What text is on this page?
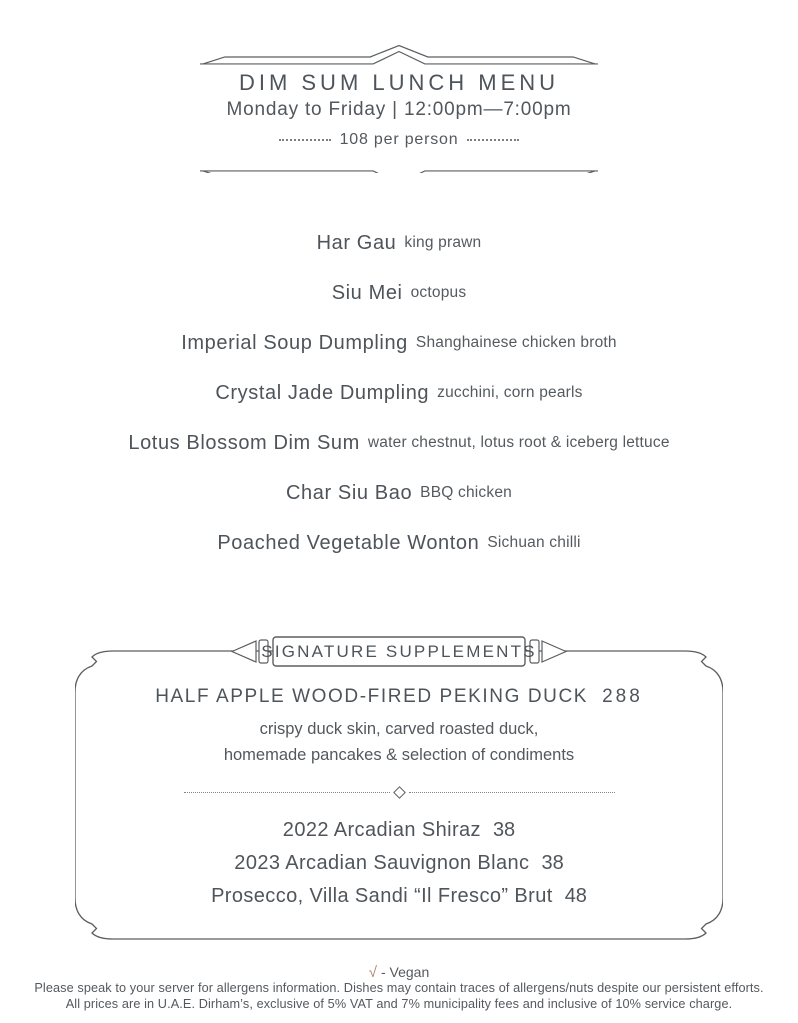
DIM SUM LUNCH MENU
Monday to Friday | 12:00pm—7:00pm
108 per person
Har Gau king prawn
Siu Mei octopus
Imperial Soup Dumpling Shanghainese chicken broth
Crystal Jade Dumpling zucchini, corn pearls
Lotus Blossom Dim Sum water chestnut, lotus root & iceberg lettuce
Char Siu Bao BBQ chicken
Poached Vegetable Wonton Sichuan chilli
SIGNATURE SUPPLEMENTS
HALF APPLE WOOD-FIRED PEKING DUCK 288
crispy duck skin, carved roasted duck,
homemade pancakes & selection of condiments
2022 Arcadian Shiraz 38
2023 Arcadian Sauvignon Blanc 38
Prosecco, Villa Sandi “Il Fresco” Brut 48
√ - Vegan
Please speak to your server for allergens information. Dishes may contain traces of allergens/nuts despite our persistent efforts.
All prices are in U.A.E. Dirham’s, exclusive of 5% VAT and 7% municipality fees and inclusive of 10% service charge.
